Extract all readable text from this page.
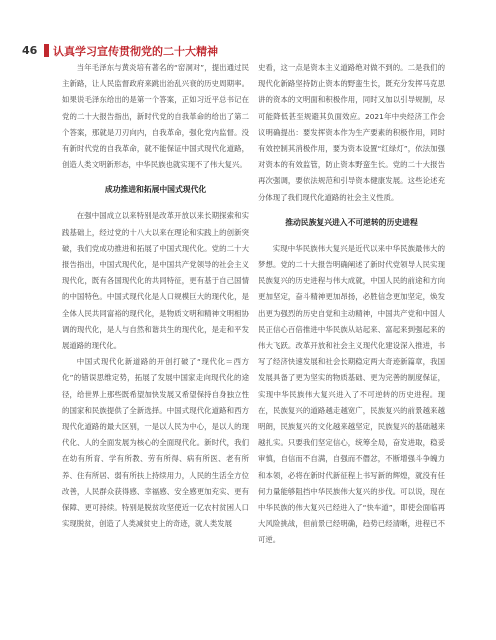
46 认真学习宣传贯彻党的二十大精神

当年毛泽东与黄炎培有著名的“窑洞对”，提出通过民主新路，让人民监督政府来跳出治乱兴衰的历史周期率。如果说毛泽东给出的是第一个答案，正如习近平总书记在党的二十大报告指出，新时代党的自我革命的给出了第二个答案，那就是刀刃向内，自我革命，强化党内监督。没有新时代党的自我革命，就不能保证中国式现代化道路，创造人类文明新形态，中华民族也就实现不了伟大复兴。

成功推进和拓展中国式现代化

在强中国成立以来特别是改革开放以来长期探索和实践基础上，经过党的十八大以来在理论和实践上的创新突破，我们党成功推进和拓展了中国式现代化。党的二十大报告指出，中国式现代化，是中国共产党领导的社会主义现代化，既有各国现代化的共同特征，更有基于自己国情的中国特色。中国式现代化是人口规模巨大的现代化，是全体人民共同富裕的现代化，是物质文明和精神文明相协调的现代化，是人与自然和谐共生的现代化，是走和平发展道路的现代化。

中国式现代化新道路的开创打破了“现代化＝西方化”的错误思维定势，拓展了发展中国家走向现代化的途径，给世界上那些既希望加快发展又希望保持自身独立性的国家和民族提供了全新选择。中国式现代化道路和西方现代化道路的最大区别，一是以人民为中心，是以人的现代化、人的全面发展为核心的全面现代化。新时代，我们在幼有所育、学有所教、劳有所得、病有所医、老有所养、住有所居、弱有所扶上持续用力，人民的生活全方位改善，人民群众获得感、幸福感、安全感更加充实、更有保障、更可持续。特别是脱贫攻坚使近一亿农村贫困人口实现脱贫，创造了人类减贫史上的奇迹，就人类发展

史看，这一点是资本主义道路绝对做不到的。二是我们的现代化新路坚持防止资本的野蛮生长，既充分发挥马克思讲的资本的文明面和积极作用，同时又加以引导规制，尽可能降低甚至规避其负面效应。2021年中央经济工作会议明确提出：要发挥资本作为生产要素的积极作用，同时有效控制其消极作用，要为资本设置“红绿灯”，依法加强对资本的有效监管，防止资本野蛮生长。党的二十大报告再次强调，要依法规范和引导资本健康发展。这些论述充分体现了我们现代化道路的社会主义性质。

推动民族复兴进入不可逆转的历史进程

实现中华民族伟大复兴是近代以来中华民族最伟大的梦想。党的二十大报告明确阐述了新时代党领导人民实现民族复兴的历史进程与伟大成就，中国人民的前途和方向更加坚定，奋斗精神更加昂扬，必胜信念更加坚定，焕发出更为强烈的历史自觉和主动精神，中国共产党和中国人民正信心百倍推进中华民族从站起来、富起来到强起来的伟大飞跃。改革开放和社会主义现代化建设深入推进，书写了经济快速发展和社会长期稳定两大奇迹新篇章，我国发展具备了更为坚实的物质基础、更为完善的制度保证，实现中华民族伟大复兴进入了不可逆转的历史进程。现在，民族复兴的道路越走越宽广，民族复兴的前景越来越明朗，民族复兴的文化越来越坚定，民族复兴的基础越来越扎实。只要我们坚定信心，统筹全局，奋发进取，稳妥审慎，自信而不自满，自强而不僭忿，不断增强斗争魄力和本领，必将在新时代新征程上书写新的辉煌，就没有任何力量能够阻挡中华民族伟大复兴的步伐。可以说，现在中华民族的伟大复兴已经进入了“快车道”，即使会面临再大风险挑战，但前景已经明确，趋势已经清晰，进程已不可逆。
